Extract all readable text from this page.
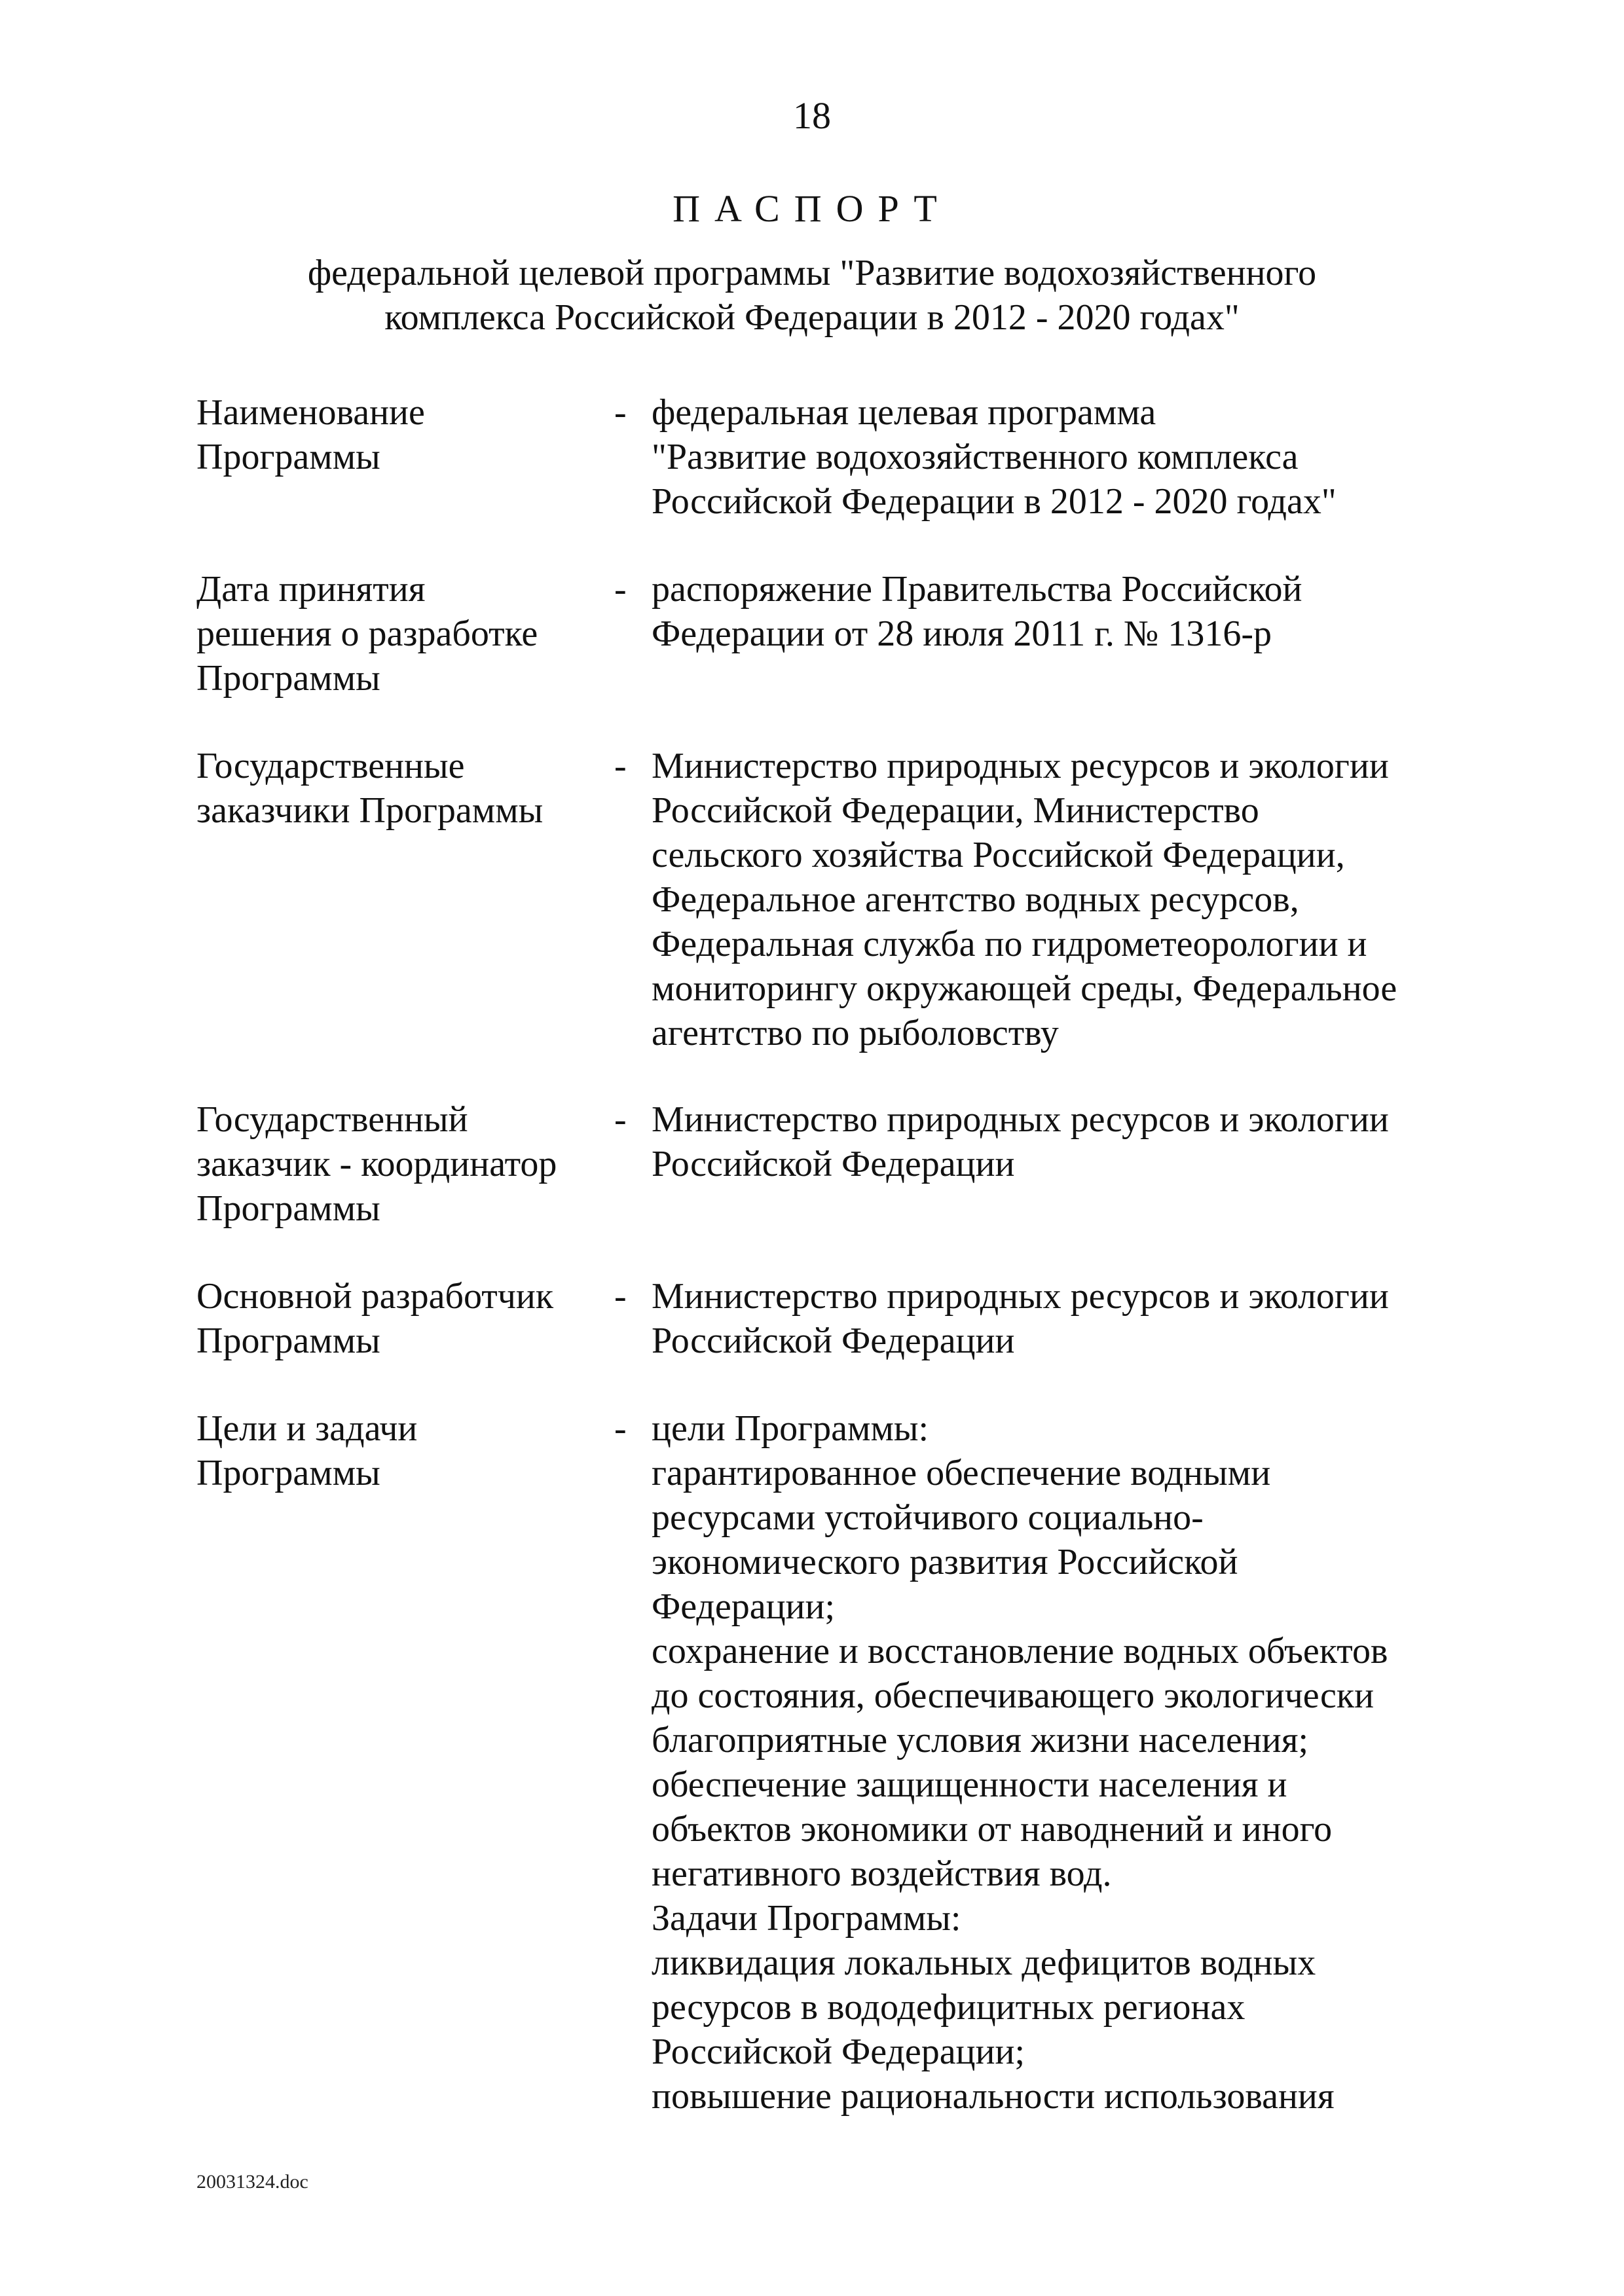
18
ПАСПОРТ
федеральной целевой программы "Развитие водохозяйственного
комплекса Российской Федерации в 2012 - 2020 годах"
Наименование
Программы
- федеральная целевая программа
"Развитие водохозяйственного комплекса
Российской Федерации в 2012 - 2020 годах"
Дата принятия
решения о разработке
Программы
- распоряжение Правительства Российской
Федерации от 28 июля 2011 г. № 1316-р
Государственные
заказчики Программы
- Министерство природных ресурсов и экологии
Российской Федерации, Министерство
сельского хозяйства Российской Федерации,
Федеральное агентство водных ресурсов,
Федеральная служба по гидрометеорологии и
мониторингу окружающей среды, Федеральное
агентство по рыболовству
Государственный
заказчик - координатор
Программы
- Министерство природных ресурсов и экологии
Российской Федерации
Основной разработчик
Программы
- Министерство природных ресурсов и экологии
Российской Федерации
Цели и задачи
Программы
- цели Программы:
гарантированное обеспечение водными
ресурсами устойчивого социально-
экономического развития Российской
Федерации;
сохранение и восстановление водных объектов
до состояния, обеспечивающего экологически
благоприятные условия жизни населения;
обеспечение защищенности населения и
объектов экономики от наводнений и иного
негативного воздействия вод.
Задачи Программы:
ликвидация локальных дефицитов водных
ресурсов в вододефицитных регионах
Российской Федерации;
повышение рациональности использования
20031324.doc
